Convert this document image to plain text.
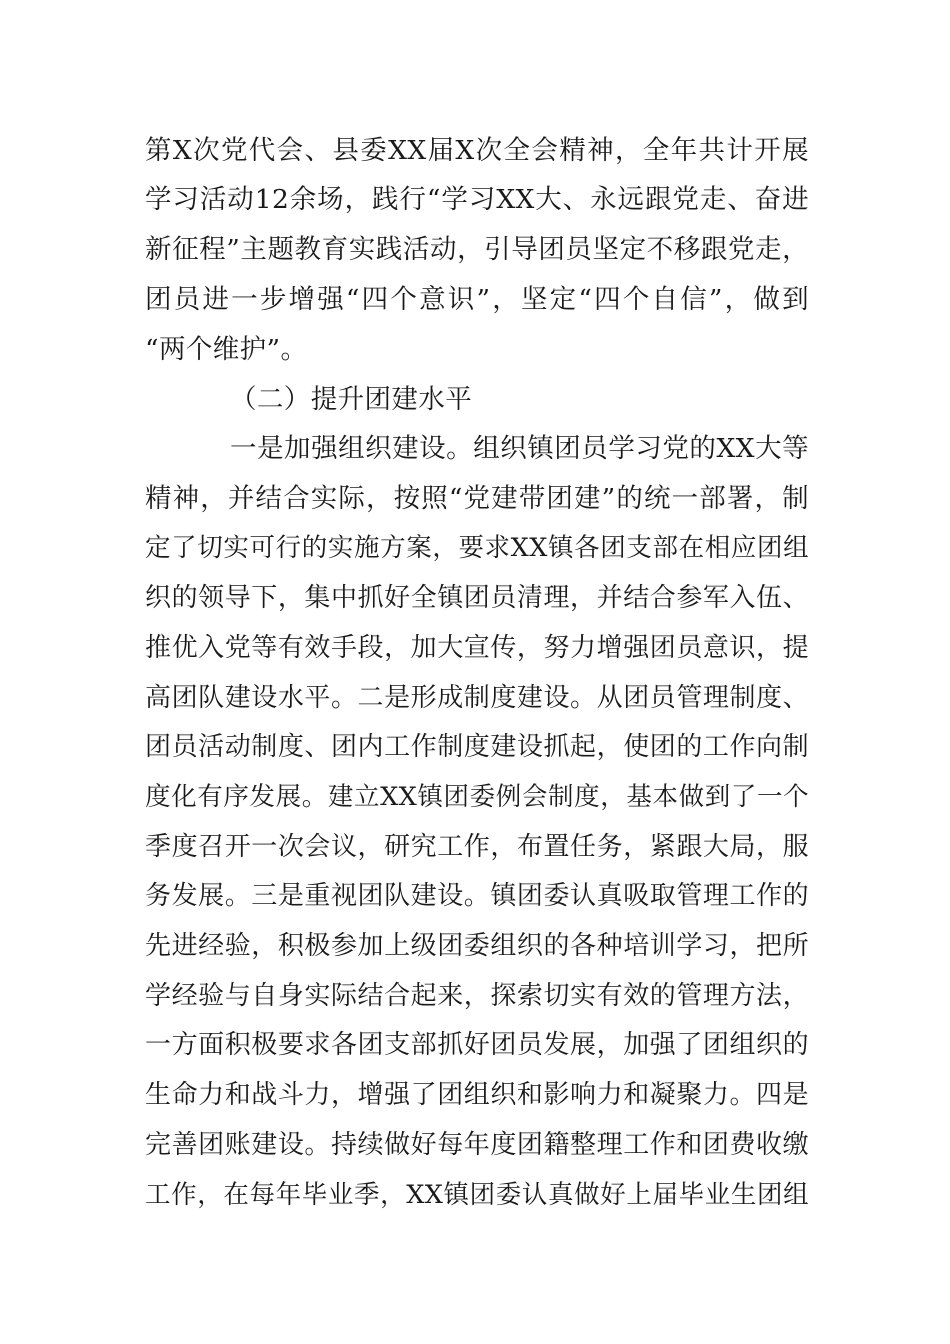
第X次党代会、县委XX届X次全会精神，全年共计开展
学习活动12余场，践行“学习XX大、永远跟党走、奋进
新征程”主题教育实践活动，引导团员坚定不移跟党走，
团员进一步增强“四个意识”，坚定“四个自信”，做到
“两个维护”。
（二）提升团建水平
一是加强组织建设。组织镇团员学习党的XX大等
精神，并结合实际，按照“党建带团建”的统一部署，制
定了切实可行的实施方案，要求XX镇各团支部在相应团组
织的领导下，集中抓好全镇团员清理，并结合参军入伍、
推优入党等有效手段，加大宣传，努力增强团员意识，提
高团队建设水平。二是形成制度建设。从团员管理制度、
团员活动制度、团内工作制度建设抓起，使团的工作向制
度化有序发展。建立XX镇团委例会制度，基本做到了一个
季度召开一次会议，研究工作，布置任务，紧跟大局，服
务发展。三是重视团队建设。镇团委认真吸取管理工作的
先进经验，积极参加上级团委组织的各种培训学习，把所
学经验与自身实际结合起来，探索切实有效的管理方法，
一方面积极要求各团支部抓好团员发展，加强了团组织的
生命力和战斗力，增强了团组织和影响力和凝聚力。四是
完善团账建设。持续做好每年度团籍整理工作和团费收缴
工作，在每年毕业季，XX镇团委认真做好上届毕业生团组
